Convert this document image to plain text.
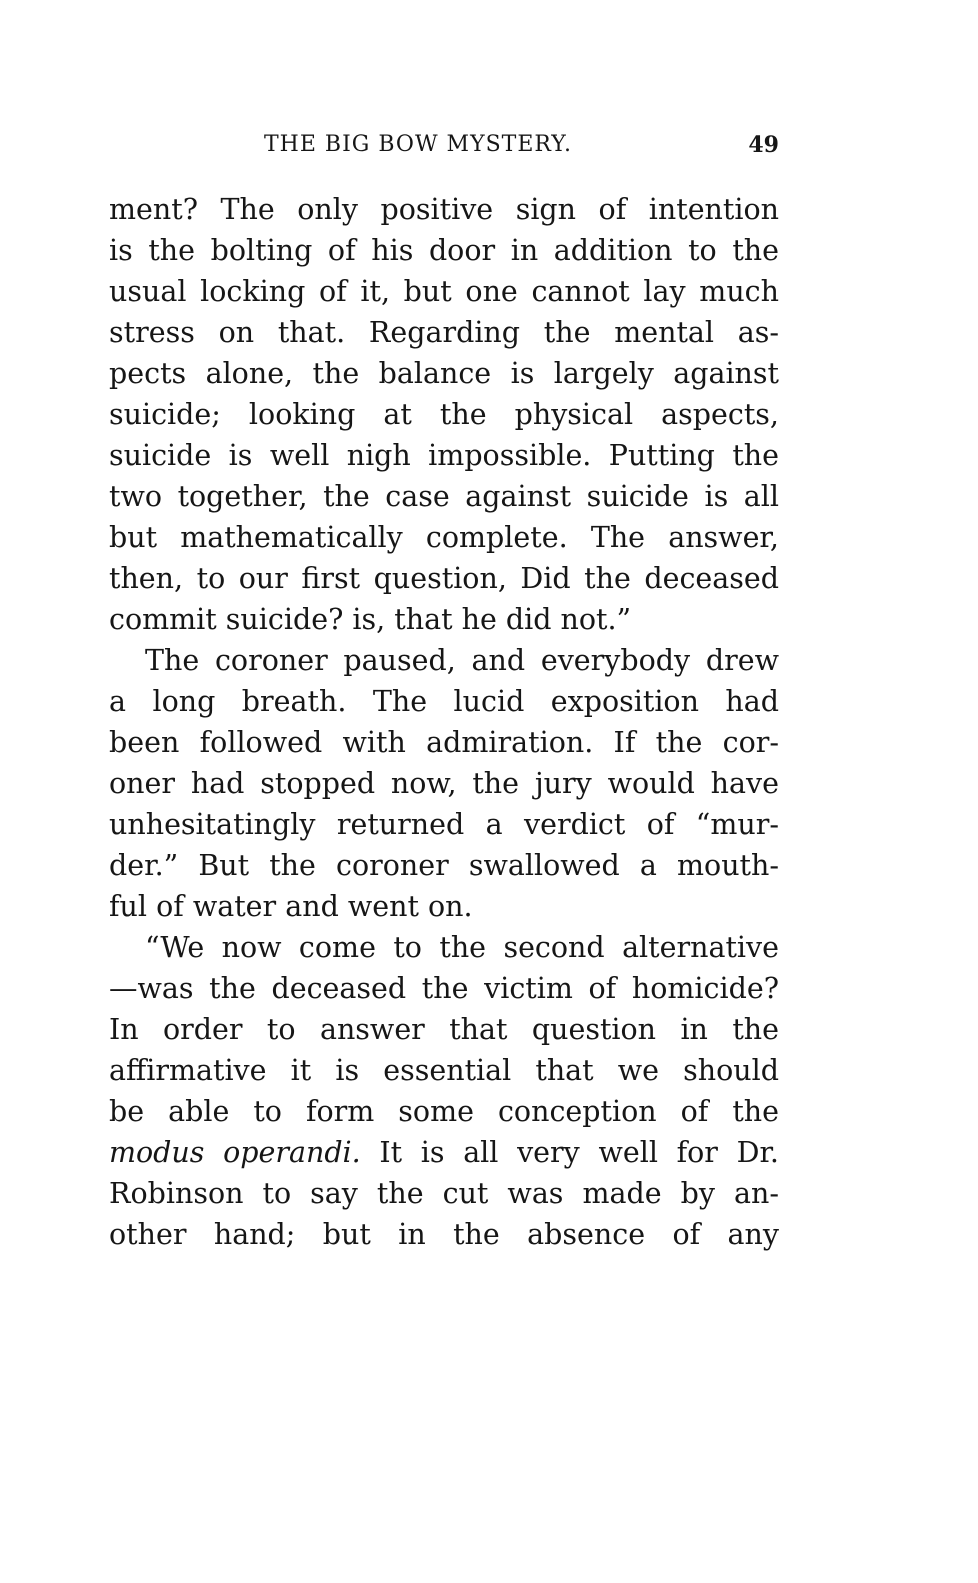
THE BIG BOW MYSTERY.	49
ment? The only positive sign of intention
is the bolting of his door in addition to the
usual locking of it, but one cannot lay much
stress on that. Regarding the mental as-
pects alone, the balance is largely against
suicide; looking at the physical aspects,
suicide is well nigh impossible. Putting the
two together, the case against suicide is all
but mathematically complete. The answer,
then, to our first question, Did the deceased
commit suicide? is, that he did not.”
The coroner paused, and everybody drew
a long breath. The lucid exposition had
been followed with admiration. If the cor-
oner had stopped now, the jury would have
unhesitatingly returned a verdict of “mur-
der.” But the coroner swallowed a mouth-
ful of water and went on.
“We now come to the second alternative
—was the deceased the victim of homicide?
In order to answer that question in the
affirmative it is essential that we should
be able to form some conception of the
modus operandi. It is all very well for Dr.
Robinson to say the cut was made by an-
other hand; but in the absence of any
